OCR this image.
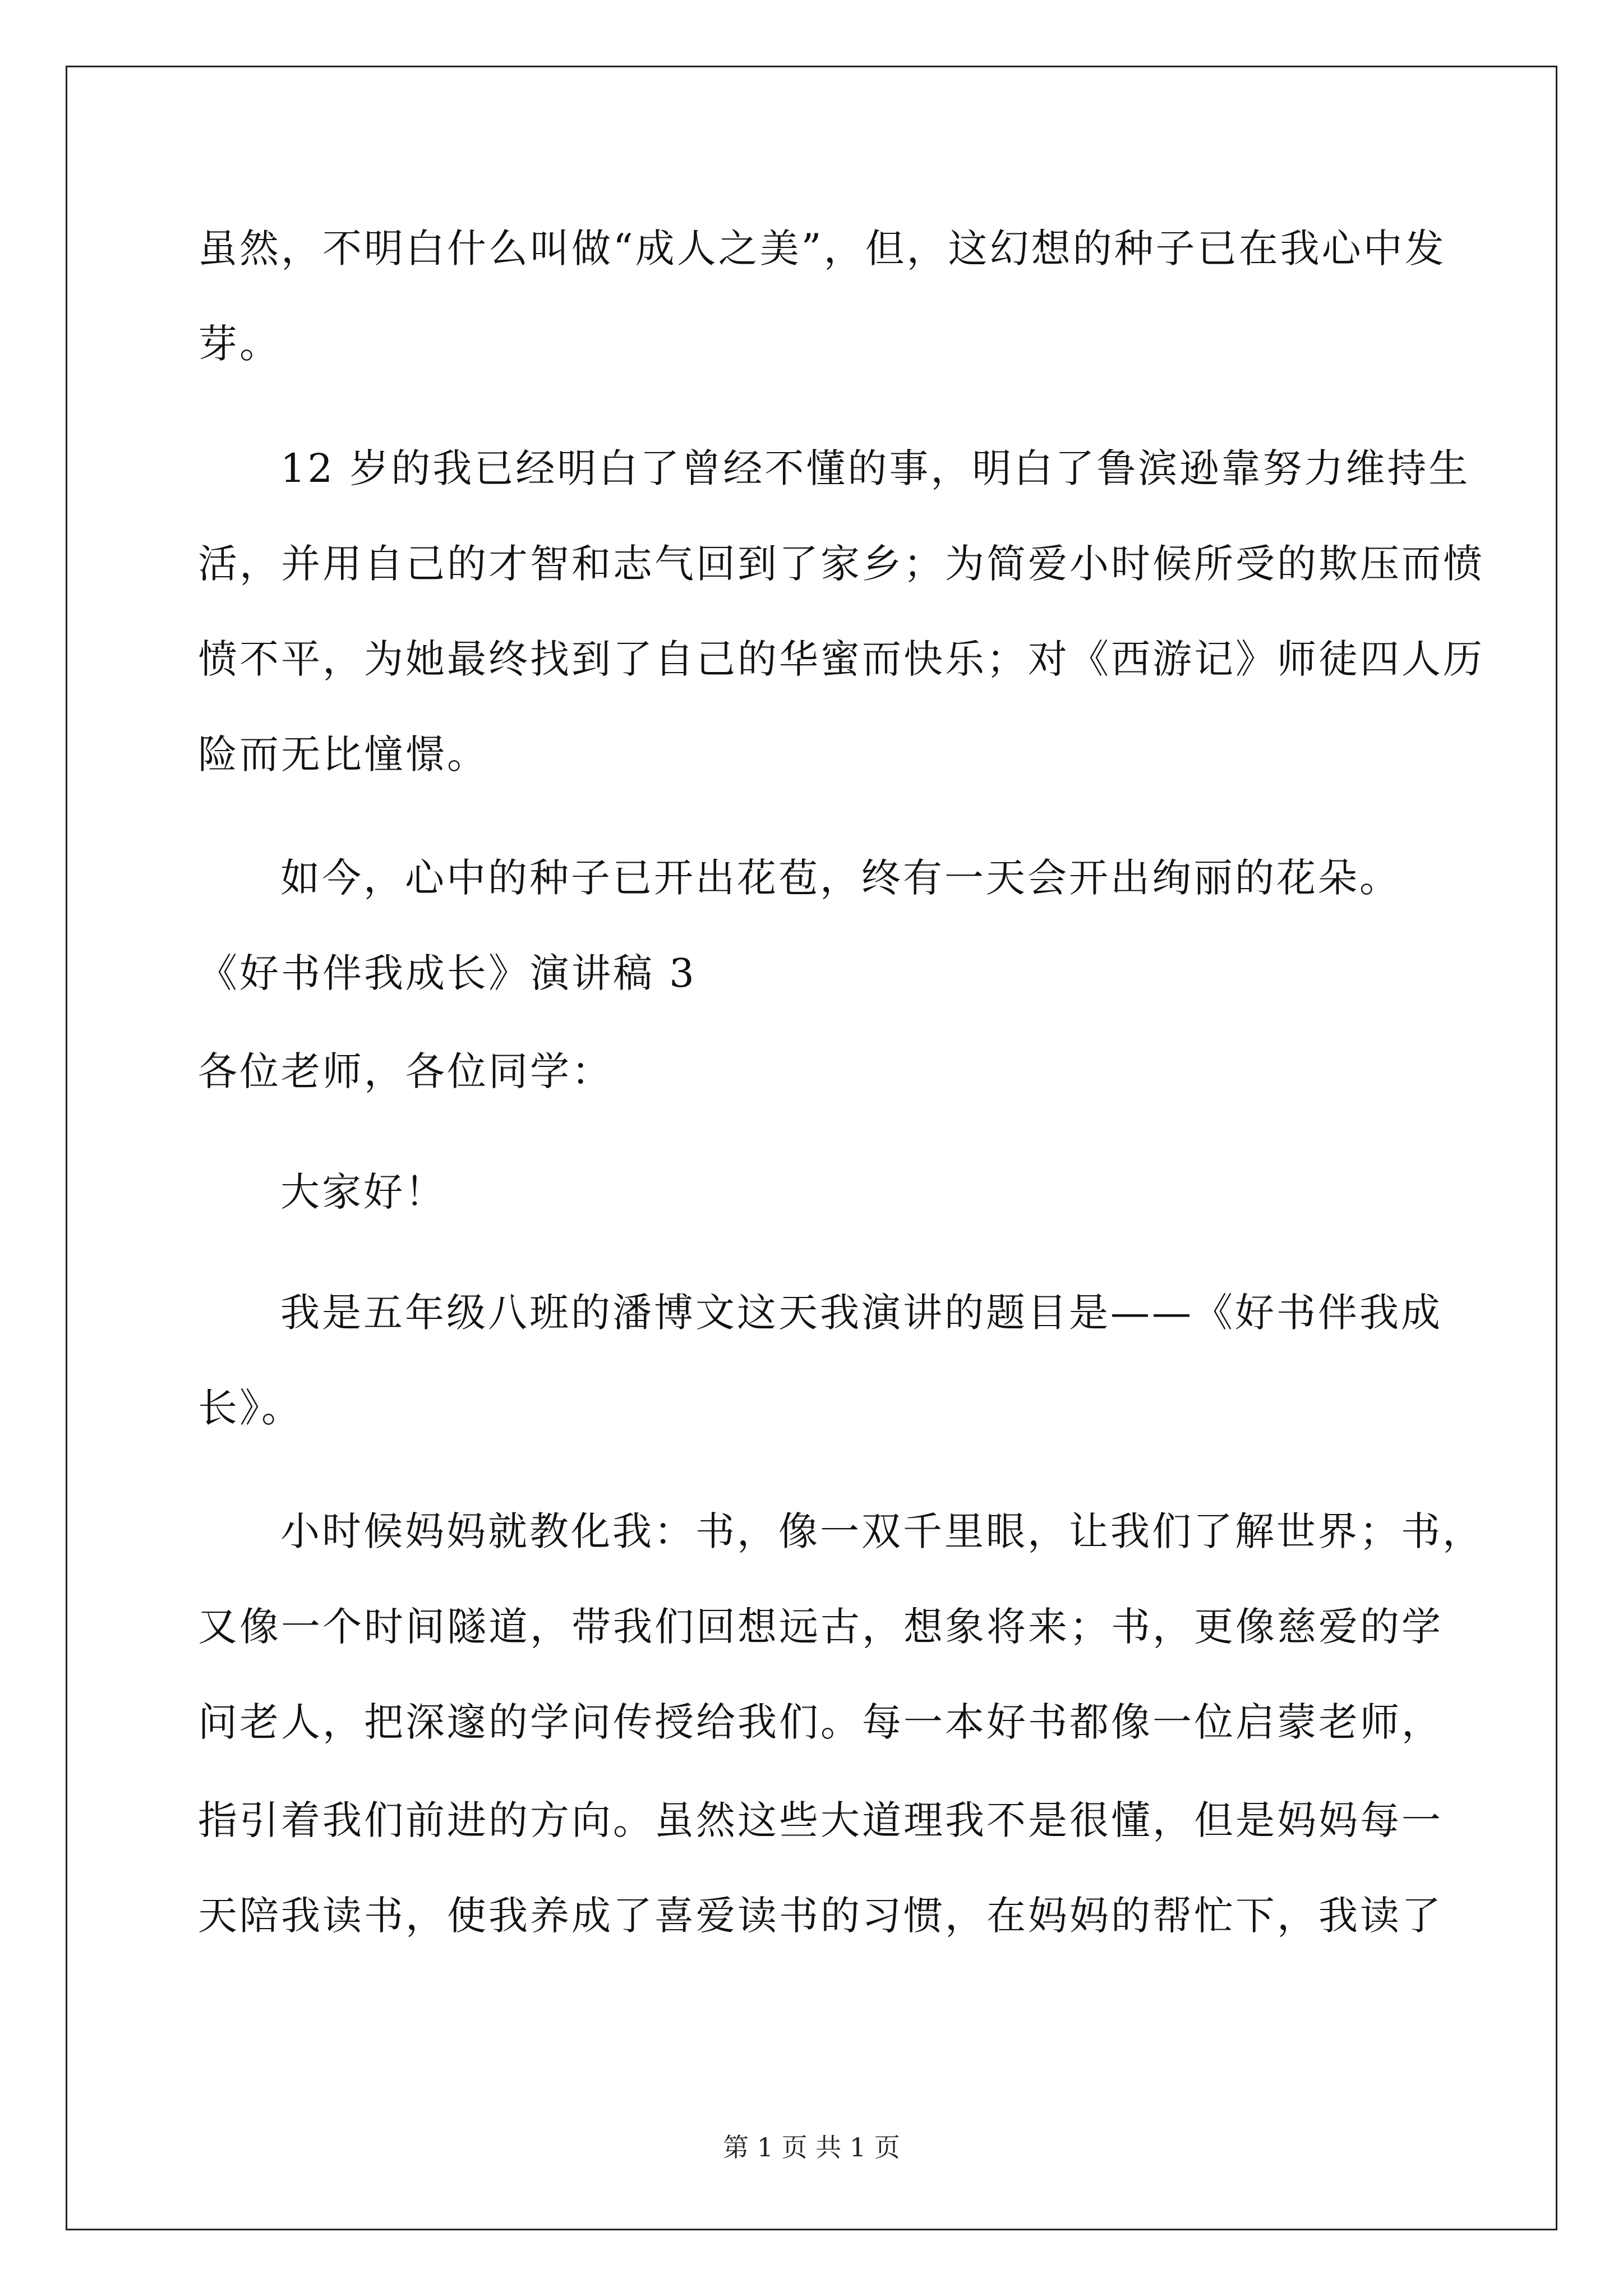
虽然，不明白什么叫做“成人之美”，但，这幻想的种子已在我心中发
芽。
12 岁的我已经明白了曾经不懂的事，明白了鲁滨逊靠努力维持生
活，并用自己的才智和志气回到了家乡；为简爱小时候所受的欺压而愤
愤不平，为她最终找到了自己的华蜜而快乐；对《西游记》师徒四人历
险而无比憧憬。
如今，心中的种子已开出花苞，终有一天会开出绚丽的花朵。
《好书伴我成长》演讲稿 3
各位老师，各位同学：
大家好！
我是五年级八班的潘博文这天我演讲的题目是——《好书伴我成
长》。
小时候妈妈就教化我：书，像一双千里眼，让我们了解世界；书，
又像一个时间隧道，带我们回想远古，想象将来；书，更像慈爱的学
问老人，把深邃的学问传授给我们。每一本好书都像一位启蒙老师，
指引着我们前进的方向。虽然这些大道理我不是很懂，但是妈妈每一
天陪我读书，使我养成了喜爱读书的习惯，在妈妈的帮忙下，我读了
第 1 页 共 1 页
